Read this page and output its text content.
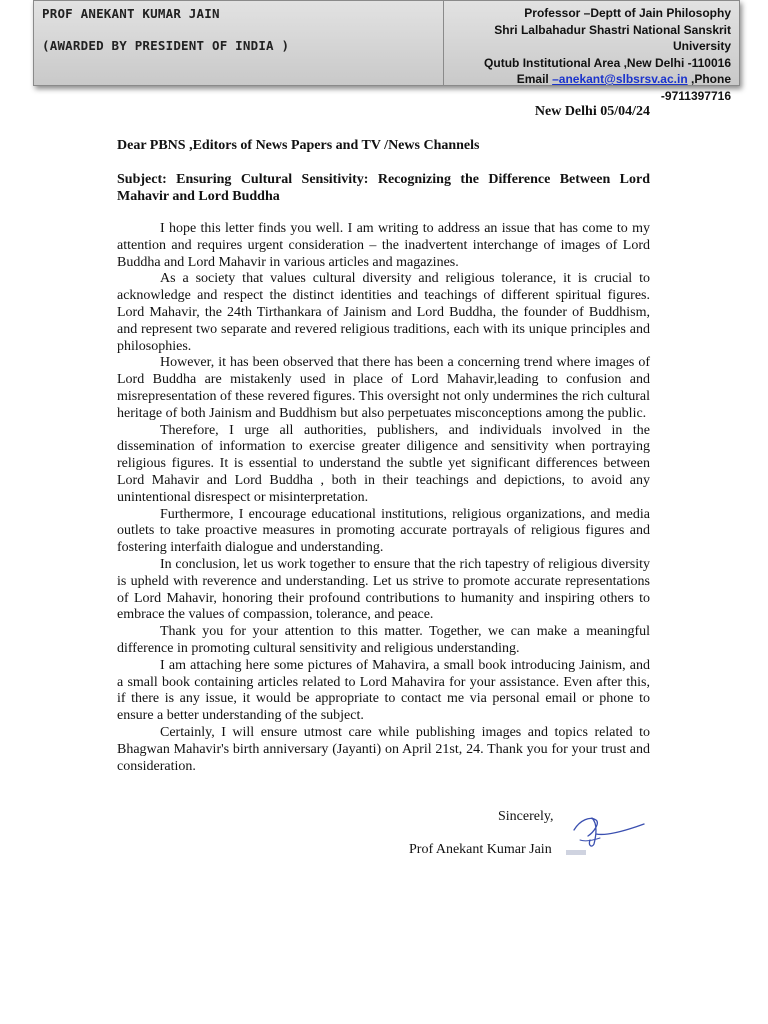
PROF ANEKANT KUMAR JAIN
(AWARDED BY PRESIDENT OF INDIA )
Professor –Deptt of Jain Philosophy
Shri Lalbahadur Shastri National Sanskrit University
Qutub Institutional Area ,New Delhi -110016
Email –anekant@slbsrsv.ac.in ,Phone -9711397716
New Delhi 05/04/24
Dear PBNS ,Editors of News Papers and TV /News Channels
Subject: Ensuring Cultural Sensitivity: Recognizing the Difference Between Lord Mahavir and Lord Buddha

I hope this letter finds you well. I am writing to address an issue that has come to my attention and requires urgent consideration – the inadvertent interchange of images of Lord Buddha and Lord Mahavir in various articles and magazines.

As a society that values cultural diversity and religious tolerance, it is crucial to acknowledge and respect the distinct identities and teachings of different spiritual figures. Lord Mahavir, the 24th Tirthankara of Jainism and Lord Buddha, the founder of Buddhism, and represent two separate and revered religious traditions, each with its unique principles and philosophies.

However, it has been observed that there has been a concerning trend where images of Lord Buddha are mistakenly used in place of Lord Mahavir,leading to confusion and misrepresentation of these revered figures. This oversight not only undermines the rich cultural heritage of both Jainism and Buddhism but also perpetuates misconceptions among the public.

Therefore, I urge all authorities, publishers, and individuals involved in the dissemination of information to exercise greater diligence and sensitivity when portraying religious figures. It is essential to understand the subtle yet significant differences between Lord Mahavir and Lord Buddha , both in their teachings and depictions, to avoid any unintentional disrespect or misinterpretation.

Furthermore, I encourage educational institutions, religious organizations, and media outlets to take proactive measures in promoting accurate portrayals of religious figures and fostering interfaith dialogue and understanding.

In conclusion, let us work together to ensure that the rich tapestry of religious diversity is upheld with reverence and understanding. Let us strive to promote accurate representations of Lord Mahavir, honoring their profound contributions to humanity and inspiring others to embrace the values of compassion, tolerance, and peace.

Thank you for your attention to this matter. Together, we can make a meaningful difference in promoting cultural sensitivity and religious understanding.

I am attaching here some pictures of Mahavira, a small book introducing Jainism, and a small book containing articles related to Lord Mahavira for your assistance. Even after this, if there is any issue, it would be appropriate to contact me via personal email or phone to ensure a better understanding of the subject.

Certainly, I will ensure utmost care while publishing images and topics related to Bhagwan Mahavir's birth anniversary (Jayanti) on April 21st, 24. Thank you for your trust and consideration.

Sincerely,
Prof Anekant Kumar Jain
